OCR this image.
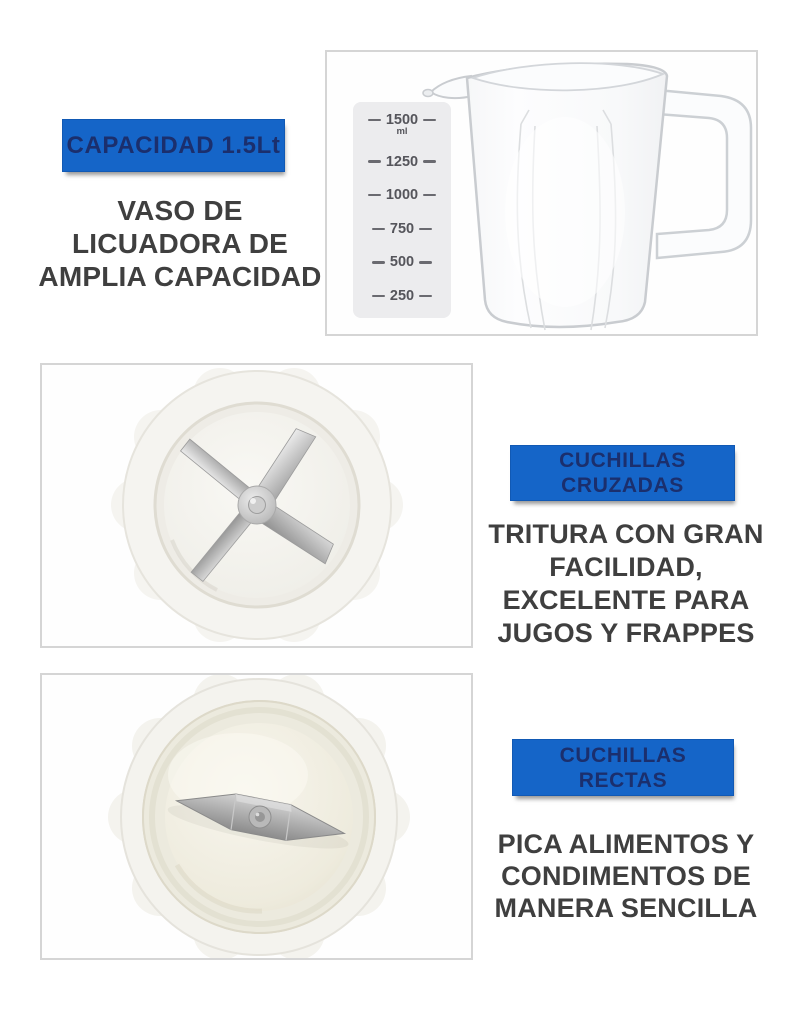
CAPACIDAD 1.5Lt
VASO DE
LICUADORA DE
AMPLIA CAPACIDAD
1500
ml
1250
1000
750
500
250
CUCHILLAS
CRUZADAS
TRITURA CON GRAN
FACILIDAD,
EXCELENTE PARA
JUGOS Y FRAPPES
CUCHILLAS
RECTAS
PICA ALIMENTOS Y
CONDIMENTOS DE
MANERA SENCILLA
